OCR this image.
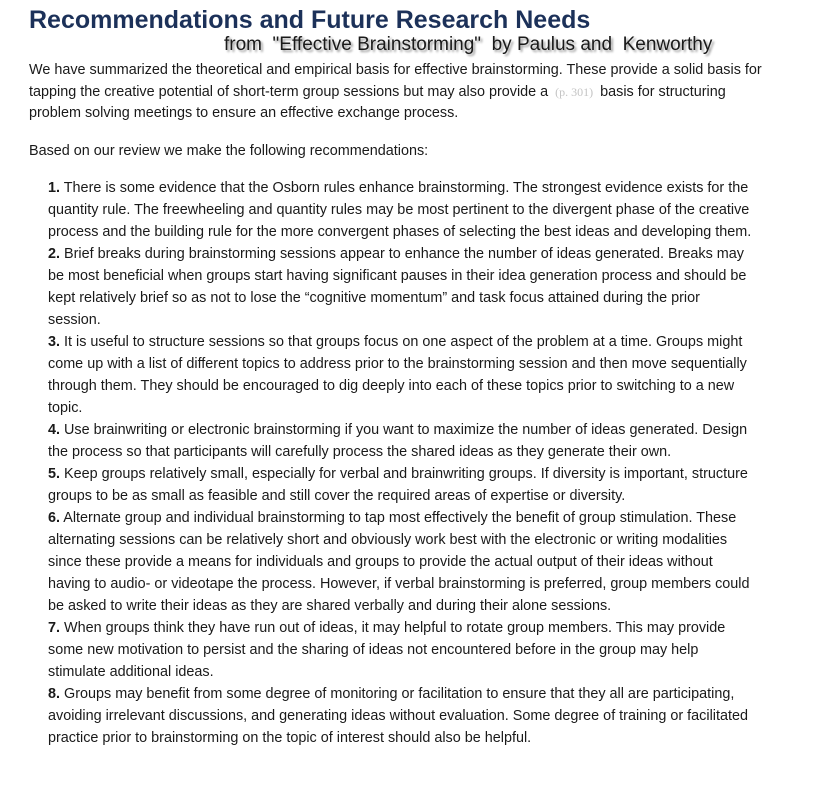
Recommendations and Future Research Needs
from  "Effective Brainstorming"  by Paulus and  Kenworthy

We have summarized the theoretical and empirical basis for effective brainstorming. These provide a solid basis for tapping the creative potential of short-term group sessions but may also provide a (p. 301) basis for structuring problem solving meetings to ensure an effective exchange process.

Based on our review we make the following recommendations:

1. There is some evidence that the Osborn rules enhance brainstorming. The strongest evidence exists for the quantity rule. The freewheeling and quantity rules may be most pertinent to the divergent phase of the creative process and the building rule for the more convergent phases of selecting the best ideas and developing them.
2. Brief breaks during brainstorming sessions appear to enhance the number of ideas generated. Breaks may be most beneficial when groups start having significant pauses in their idea generation process and should be kept relatively brief so as not to lose the “cognitive momentum” and task focus attained during the prior session.
3. It is useful to structure sessions so that groups focus on one aspect of the problem at a time. Groups might come up with a list of different topics to address prior to the brainstorming session and then move sequentially through them. They should be encouraged to dig deeply into each of these topics prior to switching to a new topic.
4. Use brainwriting or electronic brainstorming if you want to maximize the number of ideas generated. Design the process so that participants will carefully process the shared ideas as they generate their own.
5. Keep groups relatively small, especially for verbal and brainwriting groups. If diversity is important, structure groups to be as small as feasible and still cover the required areas of expertise or diversity.
6. Alternate group and individual brainstorming to tap most effectively the benefit of group stimulation. These alternating sessions can be relatively short and obviously work best with the electronic or writing modalities since these provide a means for individuals and groups to provide the actual output of their ideas without having to audio- or videotape the process. However, if verbal brainstorming is preferred, group members could be asked to write their ideas as they are shared verbally and during their alone sessions.
7. When groups think they have run out of ideas, it may helpful to rotate group members. This may provide some new motivation to persist and the sharing of ideas not encountered before in the group may help stimulate additional ideas.
8. Groups may benefit from some degree of monitoring or facilitation to ensure that they all are participating, avoiding irrelevant discussions, and generating ideas without evaluation. Some degree of training or facilitated practice prior to brainstorming on the topic of interest should also be helpful.
